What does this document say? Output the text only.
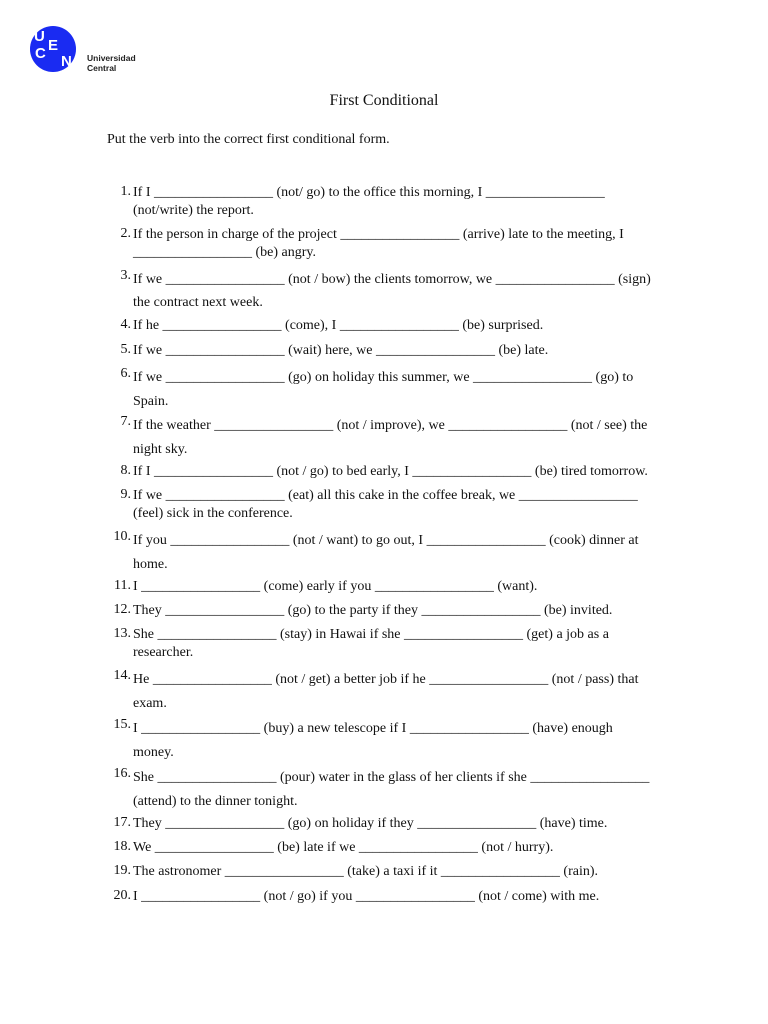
U
C E
N Universidad
Central
First Conditional
Put the verb into the correct first conditional form.
1. If I _________________ (not/ go) to the office this morning, I _________________
(not/write) the report.
2. If the person in charge of the project _________________ (arrive) late to the meeting, I
_________________ (be) angry.
3. If we _________________ (not / bow) the clients tomorrow, we _________________ (sign)
the contract next week.
4. If he _________________ (come), I _________________ (be) surprised.
5. If we _________________ (wait) here, we _________________ (be) late.
6. If we _________________ (go) on holiday this summer, we _________________ (go) to
Spain.
7. If the weather _________________ (not / improve), we _________________ (not / see) the
night sky.
8. If I _________________ (not / go) to bed early, I _________________ (be) tired tomorrow.
9. If we _________________ (eat) all this cake in the coffee break, we _________________
(feel) sick in the conference.
10. If you _________________ (not / want) to go out, I _________________ (cook) dinner at
home.
11. I _________________ (come) early if you _________________ (want).
12. They _________________ (go) to the party if they _________________ (be) invited.
13. She _________________ (stay) in Hawai if she _________________ (get) a job as a
researcher.
14. He _________________ (not / get) a better job if he _________________ (not / pass) that
exam.
15. I _________________ (buy) a new telescope if I _________________ (have) enough
money.
16. She _________________ (pour) water in the glass of her clients if she _________________
(attend) to the dinner tonight.
17. They _________________ (go) on holiday if they _________________ (have) time.
18. We _________________ (be) late if we _________________ (not / hurry).
19. The astronomer _________________ (take) a taxi if it _________________ (rain).
20. I _________________ (not / go) if you _________________ (not / come) with me.
